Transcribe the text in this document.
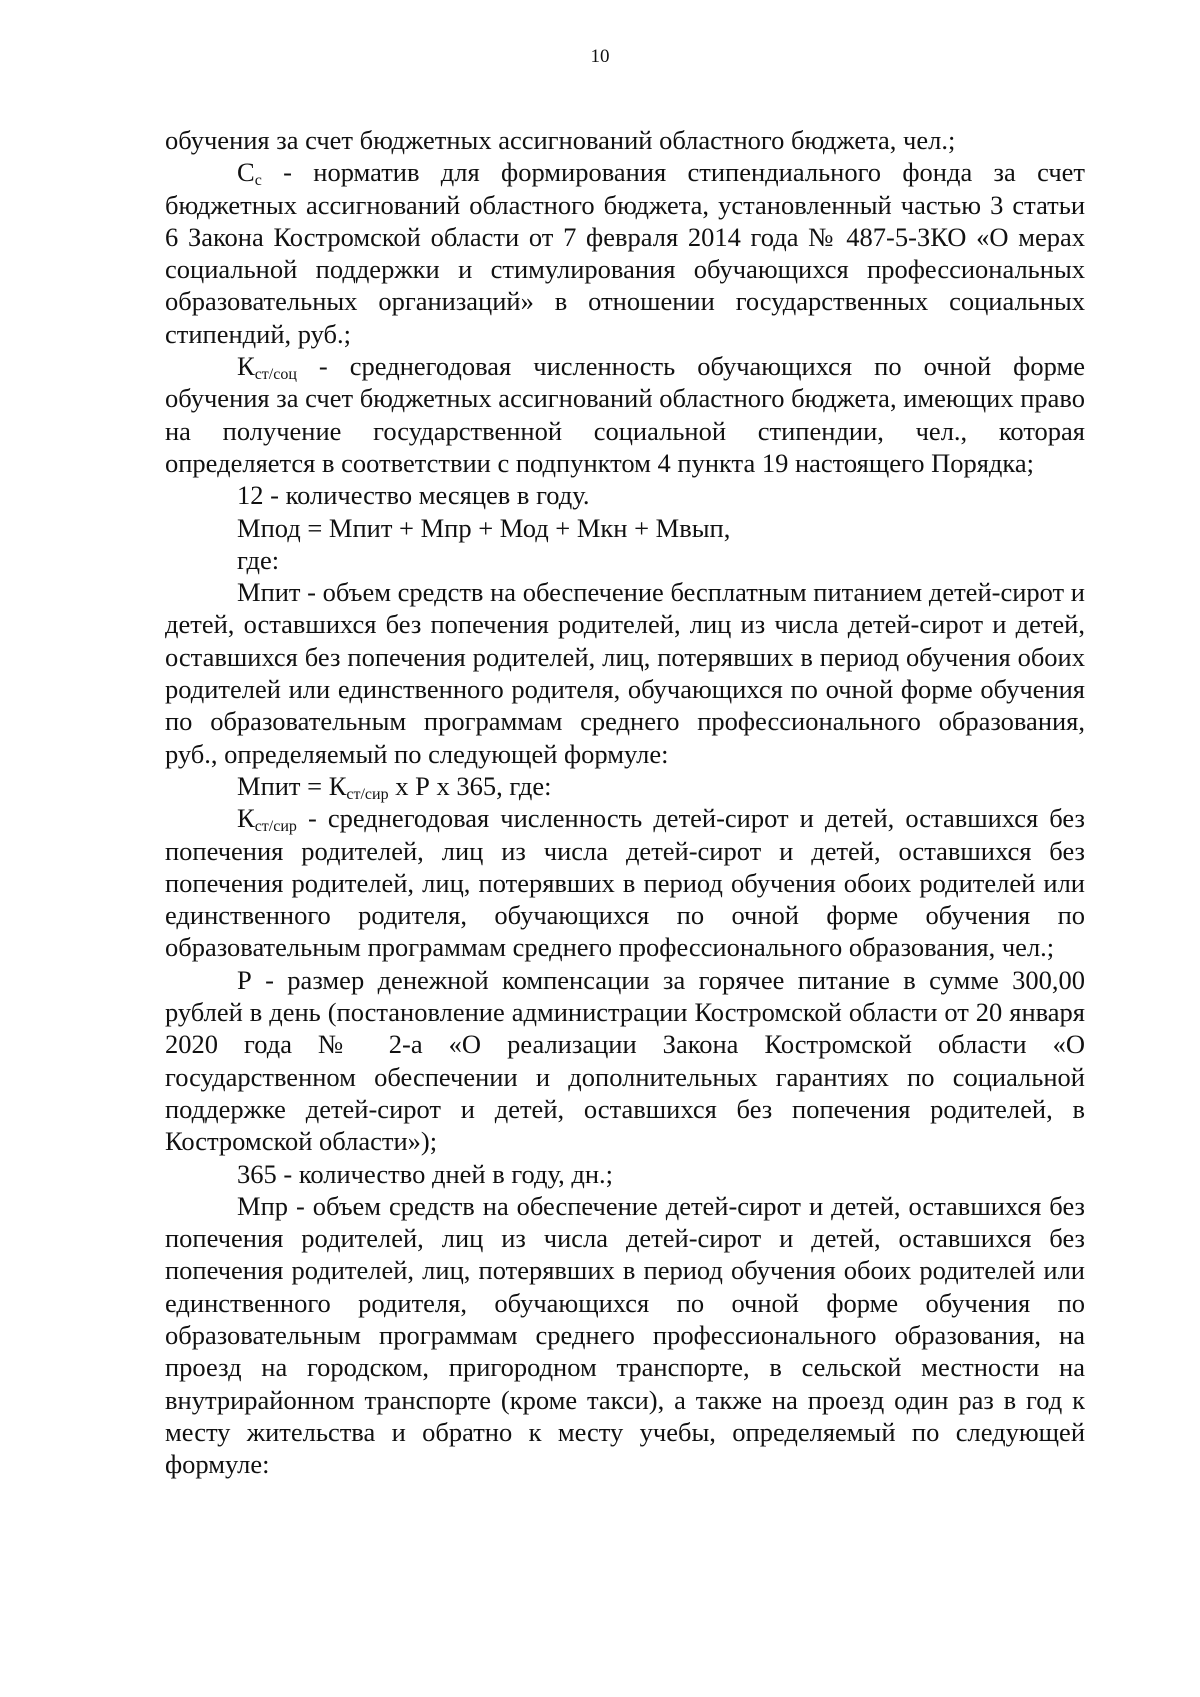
10

обучения за счет бюджетных ассигнований областного бюджета, чел.;

$C_с$ - норматив для формирования стипендиального фонда за счет бюджетных ассигнований областного бюджета, установленный частью 3 статьи 6 Закона Костромской области от 7 февраля 2014 года № 487-5-ЗКО «О мерах социальной поддержки и стимулирования обучающихся профессиональных образовательных организаций» в отношении государственных социальных стипендий, руб.;

$К_{ст/соц}$ - среднегодовая численность обучающихся по очной форме обучения за счет бюджетных ассигнований областного бюджета, имеющих право на получение государственной социальной стипендии, чел., которая определяется в соответствии с подпунктом 4 пункта 19 настоящего Порядка;

12 - количество месяцев в году.

Мпод = Мпит + Мпр + Мод + Мкн + Мвып,

где:

Мпит - объем средств на обеспечение бесплатным питанием детей-сирот и детей, оставшихся без попечения родителей, лиц из числа детей-сирот и детей, оставшихся без попечения родителей, лиц, потерявших в период обучения обоих родителей или единственного родителя, обучающихся по очной форме обучения по образовательным программам среднего профессионального образования, руб., определяемый по следующей формуле:

Мпит = $К_{ст/сир}$ х Р х 365, где:

$К_{ст/сир}$ - среднегодовая численность детей-сирот и детей, оставшихся без попечения родителей, лиц из числа детей-сирот и детей, оставшихся без попечения родителей, лиц, потерявших в период обучения обоих родителей или единственного родителя, обучающихся по очной форме обучения по образовательным программам среднего профессионального образования, чел.;

Р - размер денежной компенсации за горячее питание в сумме 300,00 рублей в день (постановление администрации Костромской области от 20 января 2020 года № 2-а «О реализации Закона Костромской области «О государственном обеспечении и дополнительных гарантиях по социальной поддержке детей-сирот и детей, оставшихся без попечения родителей, в Костромской области»);

365 - количество дней в году, дн.;

Мпр - объем средств на обеспечение детей-сирот и детей, оставшихся без попечения родителей, лиц из числа детей-сирот и детей, оставшихся без попечения родителей, лиц, потерявших в период обучения обоих родителей или единственного родителя, обучающихся по очной форме обучения по образовательным программам среднего профессионального образования, на проезд на городском, пригородном транспорте, в сельской местности на внутрирайонном транспорте (кроме такси), а также на проезд один раз в год к месту жительства и обратно к месту учебы, определяемый по следующей формуле:
